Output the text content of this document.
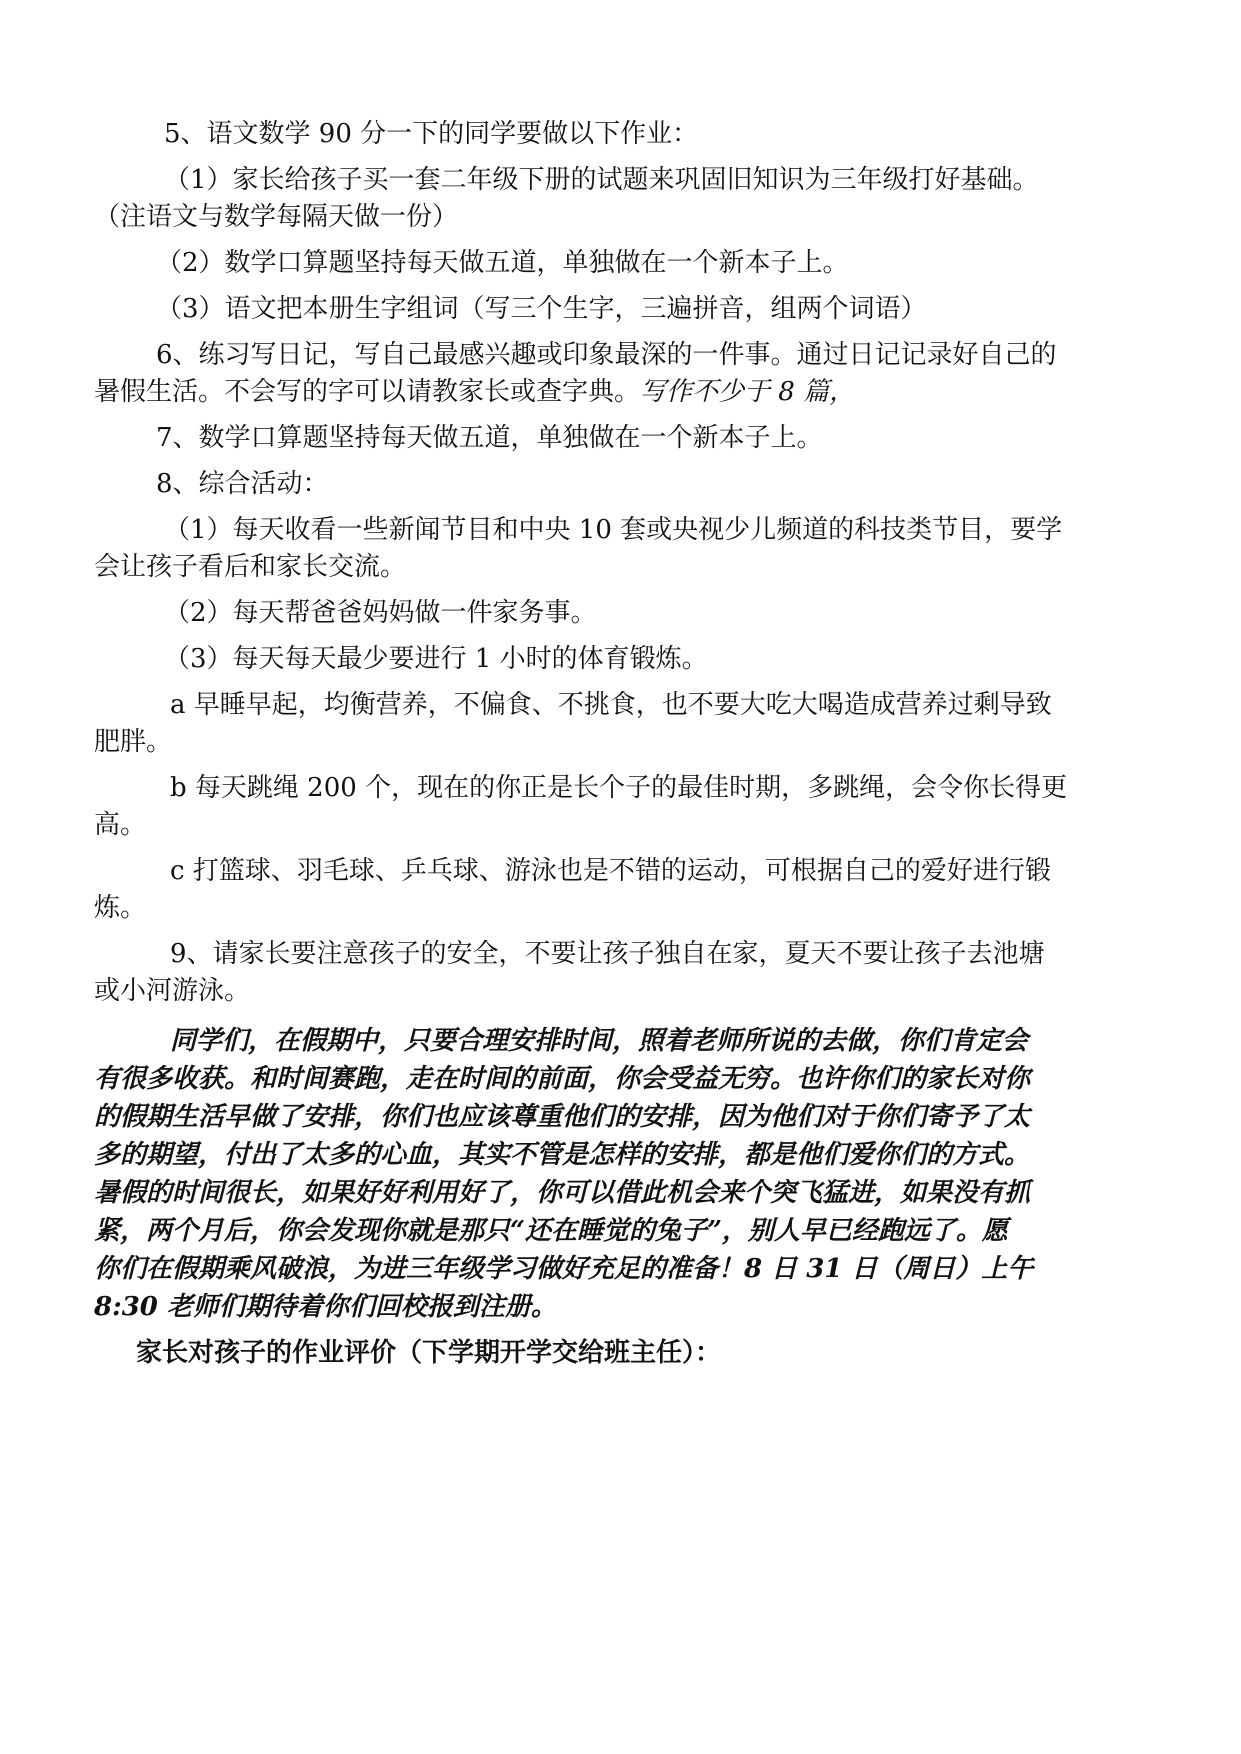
5、语文数学 90 分一下的同学要做以下作业：

（1）家长给孩子买一套二年级下册的试题来巩固旧知识为三年级打好基础。

（注语文与数学每隔天做一份）

（2）数学口算题坚持每天做五道，单独做在一个新本子上。

（3）语文把本册生字组词（写三个生字，三遍拼音，组两个词语）

6、练习写日记，写自己最感兴趣或印象最深的一件事。通过日记记录好自己的

暑假生活。不会写的字可以请教家长或查字典。写作不少于 8 篇，

7、数学口算题坚持每天做五道，单独做在一个新本子上。

8、综合活动：

（1）每天收看一些新闻节目和中央 10 套或央视少儿频道的科技类节目，要学

会让孩子看后和家长交流。

（2）每天帮爸爸妈妈做一件家务事。

（3）每天每天最少要进行 1 小时的体育锻炼。

a 早睡早起，均衡营养，不偏食、不挑食，也不要大吃大喝造成营养过剩导致

肥胖。

b 每天跳绳 200 个，现在的你正是长个子的最佳时期，多跳绳，会令你长得更

高。

c 打篮球、羽毛球、乒乓球、游泳也是不错的运动，可根据自己的爱好进行锻

炼。

9、请家长要注意孩子的安全，不要让孩子独自在家，夏天不要让孩子去池塘

或小河游泳。

同学们，在假期中，只要合理安排时间，照着老师所说的去做，你们肯定会

有很多收获。和时间赛跑，走在时间的前面，你会受益无穷。也许你们的家长对你

的假期生活早做了安排，你们也应该尊重他们的安排，因为他们对于你们寄予了太

多的期望，付出了太多的心血，其实不管是怎样的安排，都是他们爱你们的方式。

暑假的时间很长，如果好好利用好了，你可以借此机会来个突飞猛进，如果没有抓

紧，两个月后，你会发现你就是那只“还在睡觉的兔子”，别人早已经跑远了。愿

你们在假期乘风破浪，为进三年级学习做好充足的准备！8 日 31 日（周日）上午

8:30 老师们期待着你们回校报到注册。

家长对孩子的作业评价（下学期开学交给班主任）：
